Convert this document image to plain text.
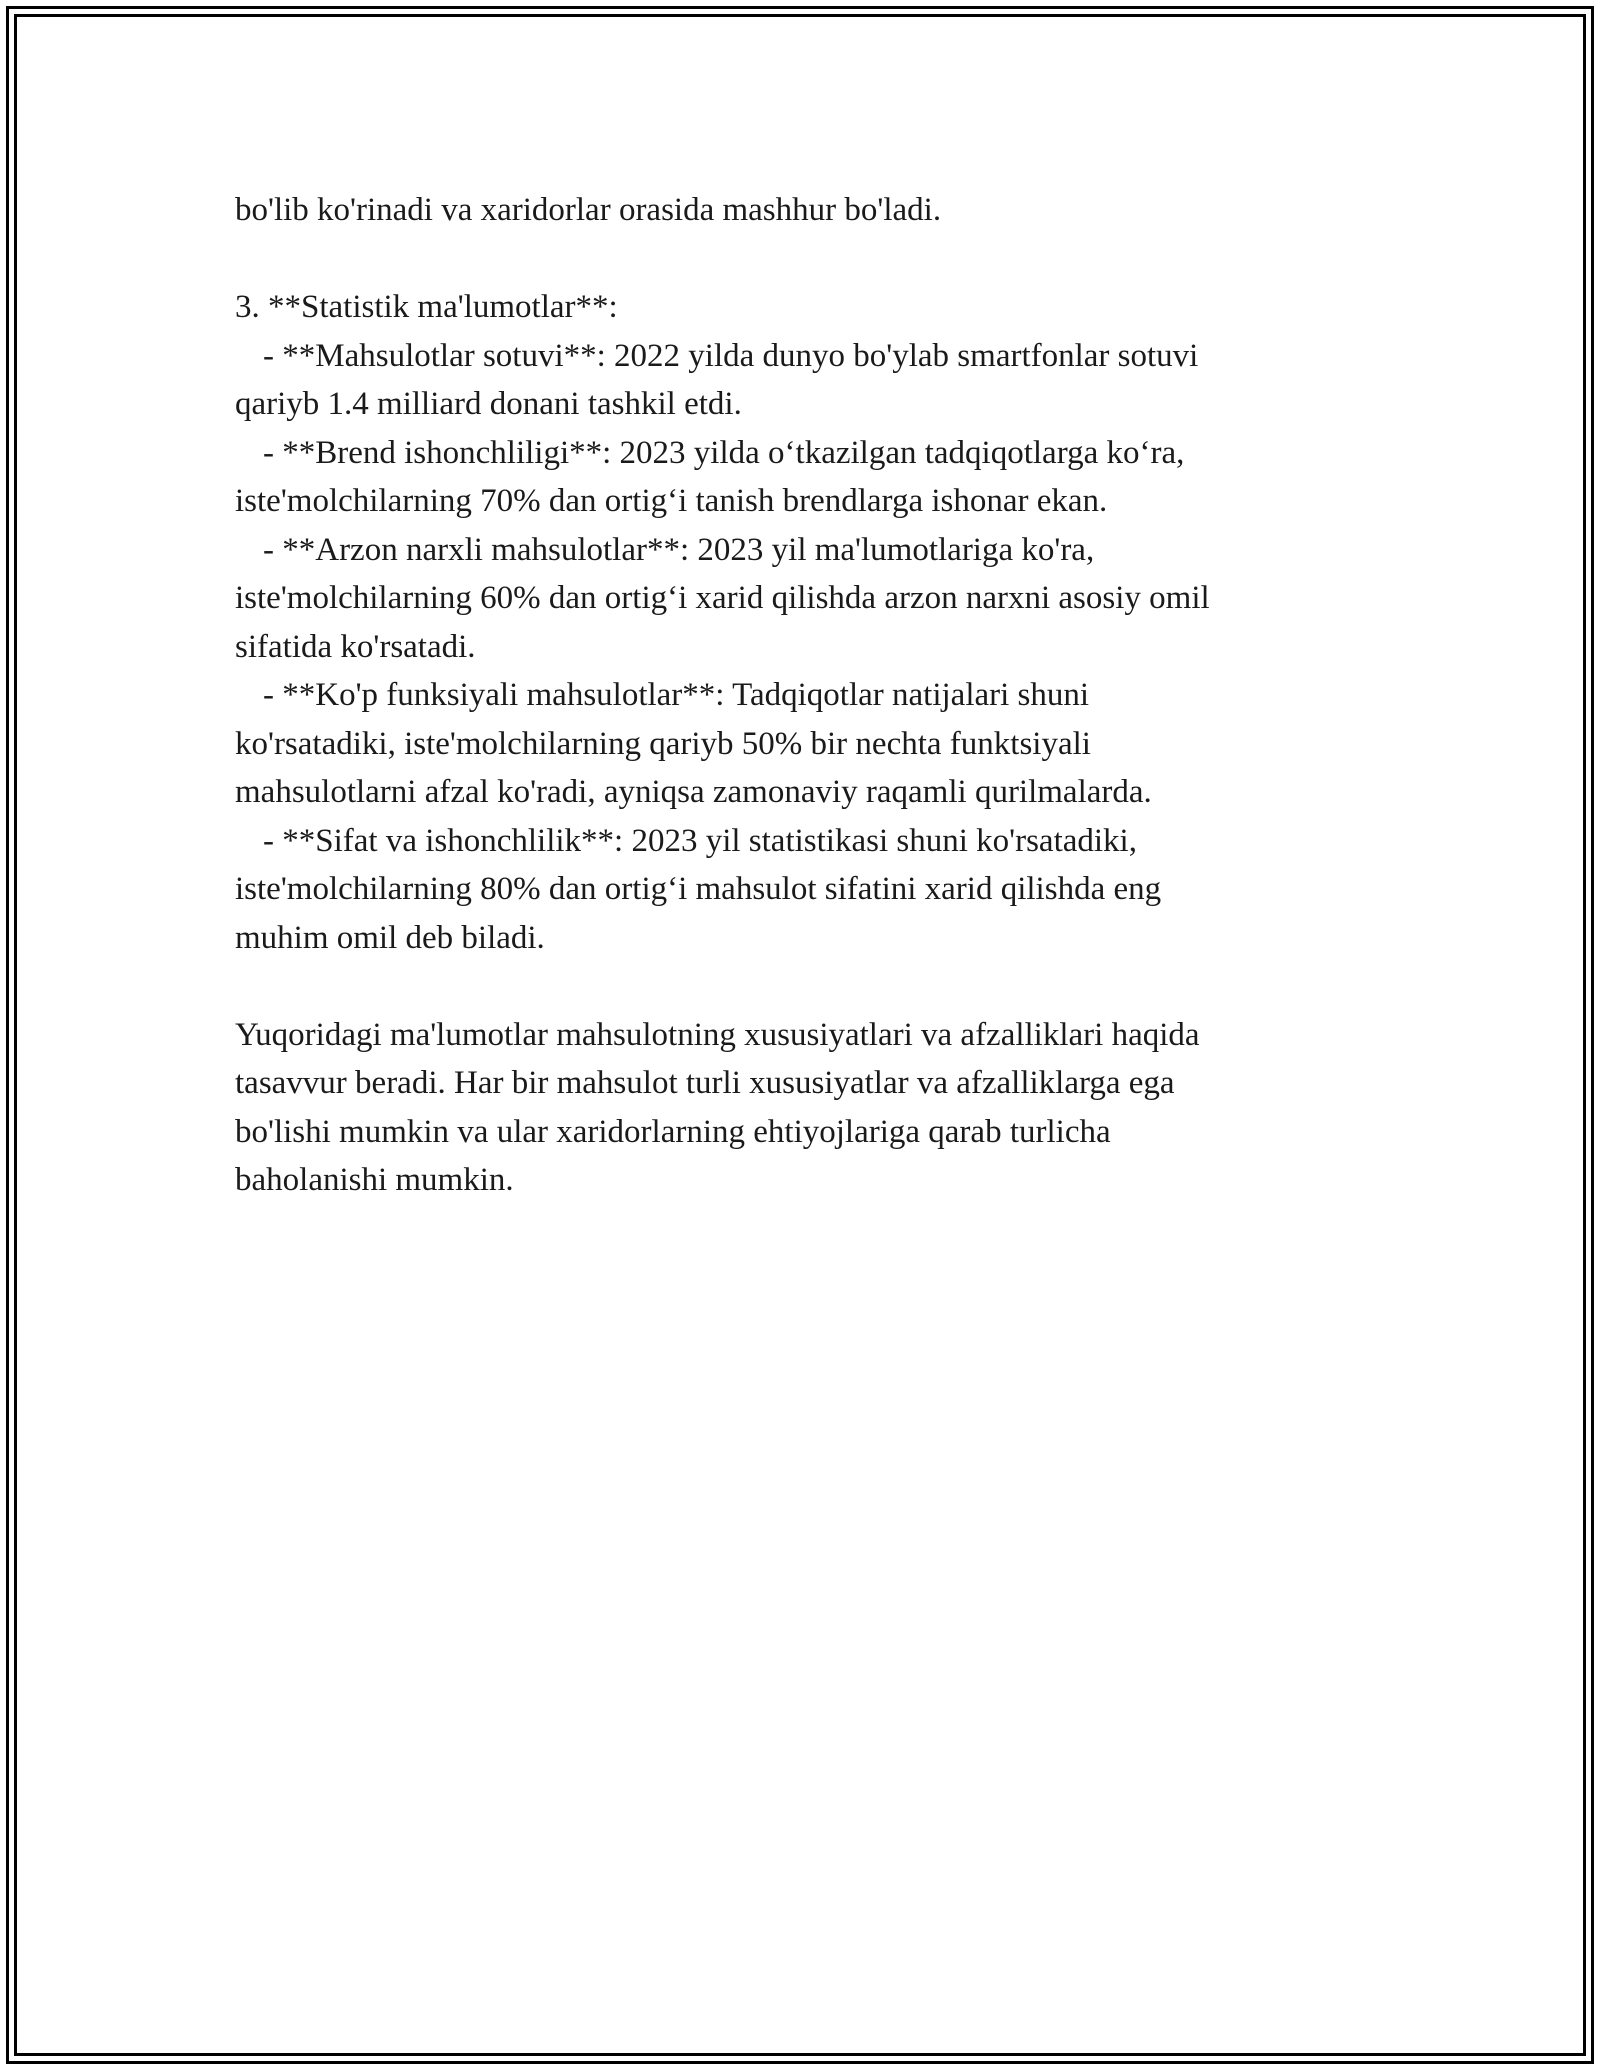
bo'lib ko'rinadi va xaridorlar orasida mashhur bo'ladi.
3. **Statistik ma'lumotlar**:
- **Mahsulotlar sotuvi**: 2022 yilda dunyo bo'ylab smartfonlar sotuvi
qariyb 1.4 milliard donani tashkil etdi.
- **Brend ishonchliligi**: 2023 yilda o‘tkazilgan tadqiqotlarga ko‘ra,
iste'molchilarning 70% dan ortig‘i tanish brendlarga ishonar ekan.
- **Arzon narxli mahsulotlar**: 2023 yil ma'lumotlariga ko'ra,
iste'molchilarning 60% dan ortig‘i xarid qilishda arzon narxni asosiy omil
sifatida ko'rsatadi.
- **Ko'p funksiyali mahsulotlar**: Tadqiqotlar natijalari shuni
ko'rsatadiki, iste'molchilarning qariyb 50% bir nechta funktsiyali
mahsulotlarni afzal ko'radi, ayniqsa zamonaviy raqamli qurilmalarda.
- **Sifat va ishonchlilik**: 2023 yil statistikasi shuni ko'rsatadiki,
iste'molchilarning 80% dan ortig‘i mahsulot sifatini xarid qilishda eng
muhim omil deb biladi.
Yuqoridagi ma'lumotlar mahsulotning xususiyatlari va afzalliklari haqida
tasavvur beradi. Har bir mahsulot turli xususiyatlar va afzalliklarga ega
bo'lishi mumkin va ular xaridorlarning ehtiyojlariga qarab turlicha
baholanishi mumkin.
